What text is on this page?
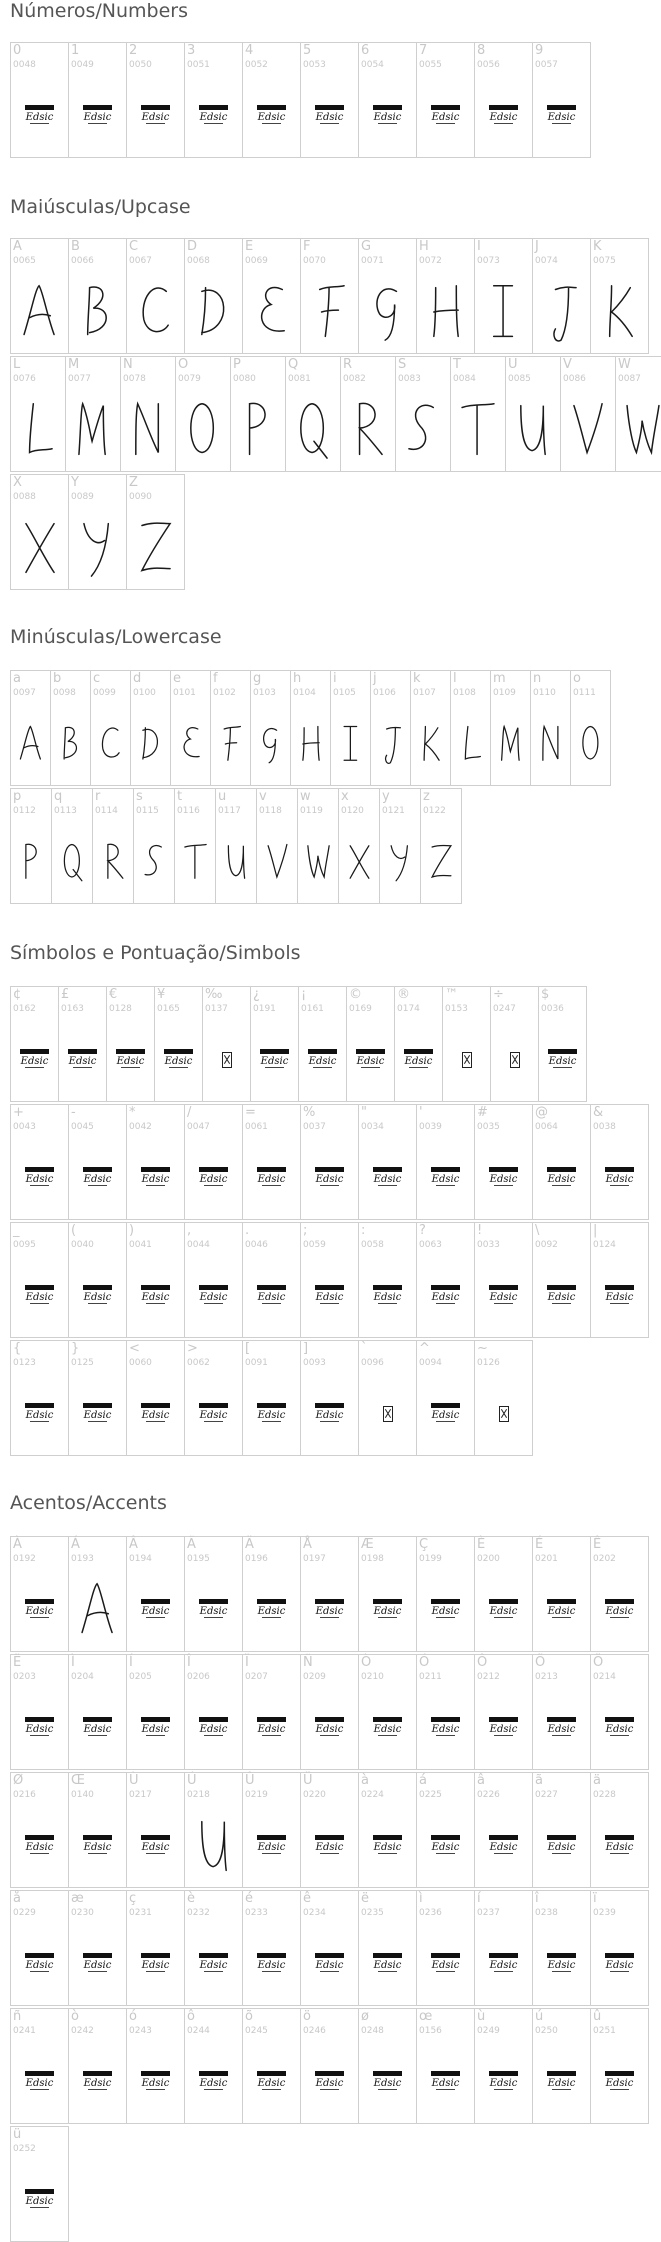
Números/Numbers
0
0048
Edsic
1
0049
Edsic
2
0050
Edsic
3
0051
Edsic
4
0052
Edsic
5
0053
Edsic
6
0054
Edsic
7
0055
Edsic
8
0056
Edsic
9
0057
Edsic
Maiúsculas/Upcase
A
0065
B
0066
C
0067
D
0068
E
0069
F
0070
G
0071
H
0072
I
0073
J
0074
K
0075
L
0076
M
0077
N
0078
O
0079
P
0080
Q
0081
R
0082
S
0083
T
0084
U
0085
V
0086
W
0087
X
0088
Y
0089
Z
0090
Minúsculas/Lowercase
a
0097
b
0098
c
0099
d
0100
e
0101
f
0102
g
0103
h
0104
i
0105
j
0106
k
0107
l
0108
m
0109
n
0110
o
0111
p
0112
q
0113
r
0114
s
0115
t
0116
u
0117
v
0118
w
0119
x
0120
y
0121
z
0122
Símbolos e Pontuação/Simbols
¢
0162
Edsic
£
0163
Edsic
€
0128
Edsic
¥
0165
Edsic
‰
0137
¿
0191
Edsic
¡
0161
Edsic
©
0169
Edsic
®
0174
Edsic
™
0153
÷
0247
$
0036
Edsic
+
0043
Edsic
-
0045
Edsic
*
0042
Edsic
/
0047
Edsic
=
0061
Edsic
%
0037
Edsic
"
0034
Edsic
'
0039
Edsic
#
0035
Edsic
@
0064
Edsic
&
0038
Edsic
_
0095
Edsic
(
0040
Edsic
)
0041
Edsic
,
0044
Edsic
.
0046
Edsic
;
0059
Edsic
:
0058
Edsic
?
0063
Edsic
!
0033
Edsic
\
0092
Edsic
|
0124
Edsic
{
0123
Edsic
}
0125
Edsic
<
0060
Edsic
>
0062
Edsic
[
0091
Edsic
]
0093
Edsic
`
0096
^
0094
Edsic
~
0126
Acentos/Accents
À
0192
Edsic
Á
0193
Â
0194
Edsic
Ã
0195
Edsic
Ä
0196
Edsic
Å
0197
Edsic
Æ
0198
Edsic
Ç
0199
Edsic
È
0200
Edsic
É
0201
Edsic
Ê
0202
Edsic
Ë
0203
Edsic
Ì
0204
Edsic
Í
0205
Edsic
Î
0206
Edsic
Ï
0207
Edsic
Ñ
0209
Edsic
Ò
0210
Edsic
Ó
0211
Edsic
Ô
0212
Edsic
Õ
0213
Edsic
Ö
0214
Edsic
Ø
0216
Edsic
Œ
0140
Edsic
Ù
0217
Edsic
Ú
0218
Û
0219
Edsic
Ü
0220
Edsic
à
0224
Edsic
á
0225
Edsic
â
0226
Edsic
ã
0227
Edsic
ä
0228
Edsic
å
0229
Edsic
æ
0230
Edsic
ç
0231
Edsic
è
0232
Edsic
é
0233
Edsic
ê
0234
Edsic
ë
0235
Edsic
ì
0236
Edsic
í
0237
Edsic
î
0238
Edsic
ï
0239
Edsic
ñ
0241
Edsic
ò
0242
Edsic
ó
0243
Edsic
ô
0244
Edsic
õ
0245
Edsic
ö
0246
Edsic
ø
0248
Edsic
œ
0156
Edsic
ù
0249
Edsic
ú
0250
Edsic
û
0251
Edsic
ü
0252
Edsic
